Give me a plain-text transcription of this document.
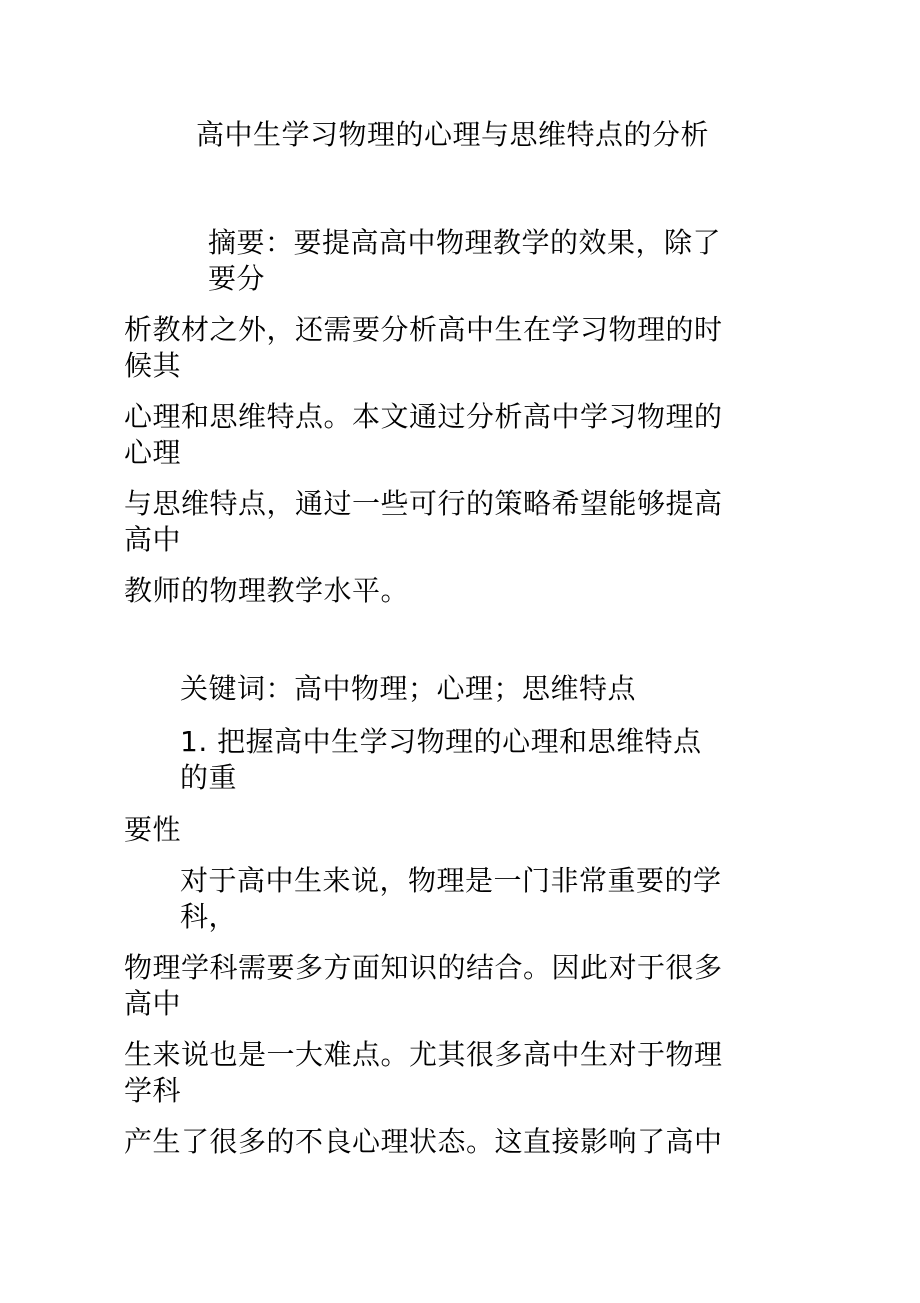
高中生学习物理的心理与思维特点的分析
摘要：要提高高中物理教学的效果，除了
要分
析教材之外，还需要分析高中生在学习物理的时
候其
心理和思维特点。本文通过分析高中学习物理的
心理
与思维特点，通过一些可行的策略希望能够提高
高中
教师的物理教学水平。
关键词：高中物理；心理；思维特点
1. 把握高中生学习物理的心理和思维特点
的重
要性
对于高中生来说，物理是一门非常重要的学
科，
物理学科需要多方面知识的结合。因此对于很多
高中
生来说也是一大难点。尤其很多高中生对于物理
学科
产生了很多的不良心理状态。这直接影响了高中
